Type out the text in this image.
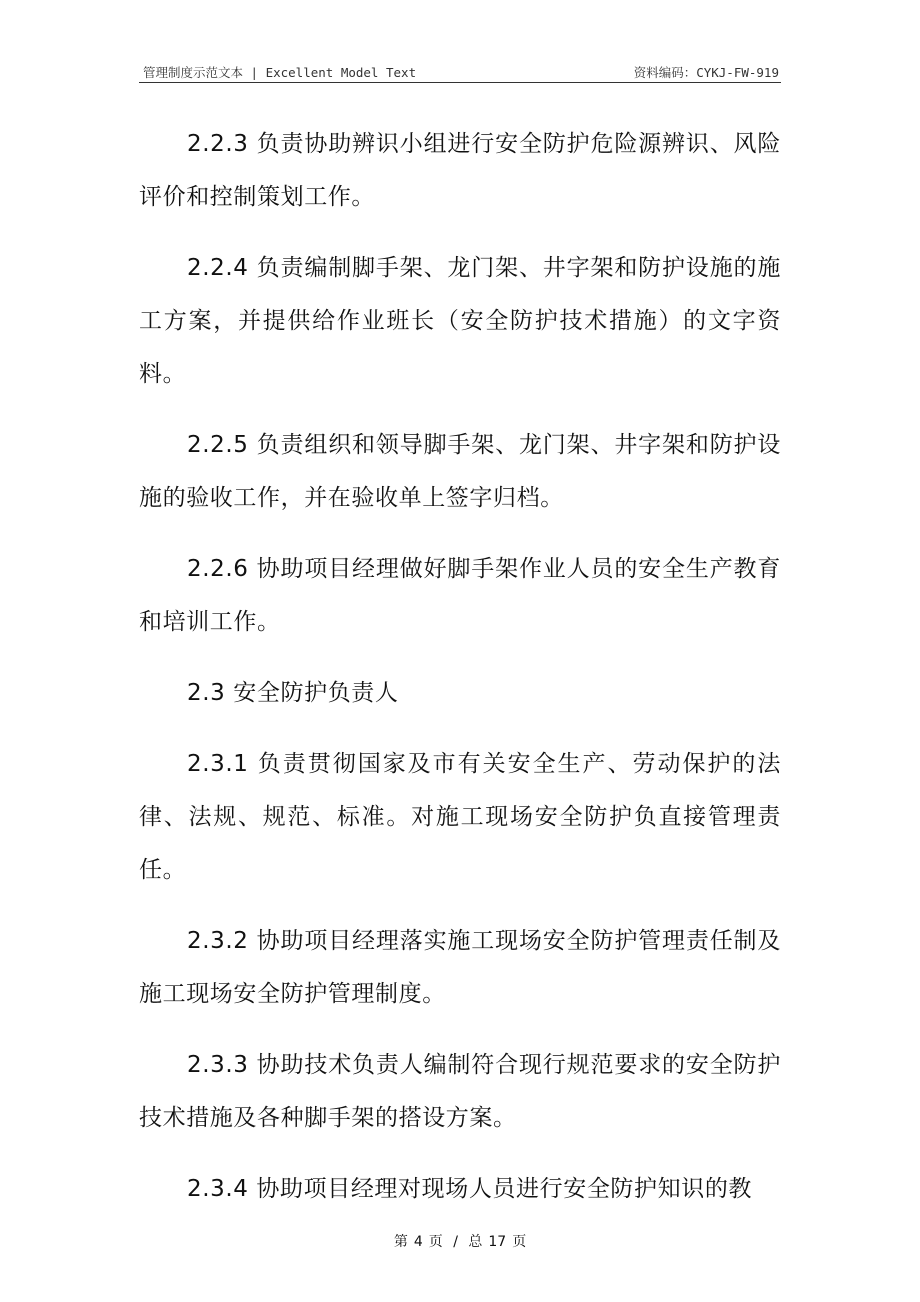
管理制度示范文本 | Excellent Model Text	资料编码：CYKJ-FW-919

2.2.3 负责协助辨识小组进行安全防护危险源辨识、风险评价和控制策划工作。

2.2.4 负责编制脚手架、龙门架、井字架和防护设施的施工方案，并提供给作业班长（安全防护技术措施）的文字资料。

2.2.5 负责组织和领导脚手架、龙门架、井字架和防护设施的验收工作，并在验收单上签字归档。

2.2.6 协助项目经理做好脚手架作业人员的安全生产教育和培训工作。

2.3 安全防护负责人

2.3.1 负责贯彻国家及市有关安全生产、劳动保护的法律、法规、规范、标准。对施工现场安全防护负直接管理责任。

2.3.2 协助项目经理落实施工现场安全防护管理责任制及施工现场安全防护管理制度。

2.3.3 协助技术负责人编制符合现行规范要求的安全防护技术措施及各种脚手架的搭设方案。

2.3.4 协助项目经理对现场人员进行安全防护知识的教

第 4 页 / 总 17 页
